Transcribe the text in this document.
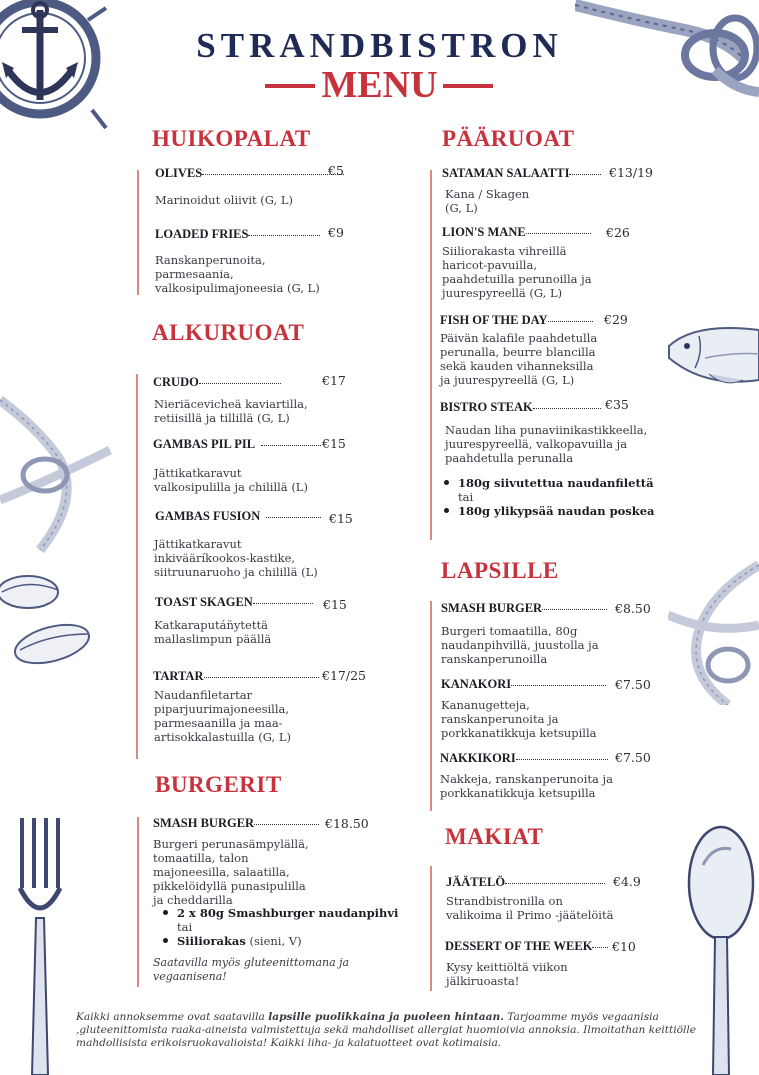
STRANDBISTRON
MENU
HUIKOPALAT
OLIVES	€5
Marinoidut oliivit (G, L)
LOADED FRIES	€9
Ranskanperunoita,
parmesaania,
valkosipulimajoneesia (G, L)
ALKURUOAT
CRUDO	€17
Nieriäcevicheä kaviartilla,
retiisillä ja tillillä (G, L)
GAMBAS PIL PIL	€15
Jättikatkaravut
valkosipulilla ja chilillä (L)
GAMBAS FUSION	€15
Jättikatkaravut
inkivääríkookos-kastike,
siitruunaruoho ja chilillä (L)
TOAST SKAGEN	€15
Katkarapután̈ytettä
mallaslimpun päällä
TARTAR	€17/25
Naudanfiletartar
piparjuurimajoneesilla,
parmesaanilla ja maa-
artisokkalastuilla (G, L)
BURGERIT
SMASH BURGER	€18.50
Burgeri perunasämpylällä,
tomaatilla, talon
majoneesilla, salaatilla,
pikkelöidyllä punasipulilla
ja cheddarilla
2 x 80g Smashburger naudanpihvi
tai
Siiliorakas (sieni, V)
Saatavilla myös gluteenittomana ja
vegaanisena!
PÄÄRUOAT
SATAMAN SALAATTI	€13/19
Kana / Skagen
(G, L)
LION'S MANE	€26
Siiliorakasta vihreillä
haricot-pavuilla,
paahdetuilla perunoilla ja
juurespyreellä (G, L)
FISH OF THE DAY	€29
Päivän kalafile paahdetulla
perunalla, beurre blancilla
sekä kauden vihanneksilla
ja juurespyreellä (G, L)
BISTRO STEAK	€35
Naudan liha punaviinikastikkeella,
juurespyreellä, valkopavuilla ja
paahdetulla perunalla
180g siivutettua naudanfilettä
tai
180g ylikypsää naudan poskea
LAPSILLE
SMASH BURGER	€8.50
Burgeri tomaatilla, 80g
naudanpihvillä, juustolla ja
ranskanperunoilla
KANAKORI	€7.50
Kananugetteja,
ranskanperunoita ja
porkkanatikkuja ketsupilla
NAKKIKORI	€7.50
Nakkeja, ranskanperunoita ja
porkkanatikkuja ketsupilla
MAKIAT
JÄÄTELÖ	€4.9
Strandbistronilla on
valikoima il Primo -jäätelöitä
DESSERT OF THE WEEK	€10
Kysy keittiöltä viikon
jälkiruoasta!
Kaikki annoksemme ovat saatavilla lapsille puolikkaina ja puoleen hintaan. Tarjoamme myös vegaanisia ,gluteenittomista raaka-aineista valmistettuja sekä mahdolliset allergiat huomioivia annoksia. Ilmoitathan keittiölle mahdollisista erikoisruokavalioista! Kaikki liha- ja kalatuotteet ovat kotimaisia.
